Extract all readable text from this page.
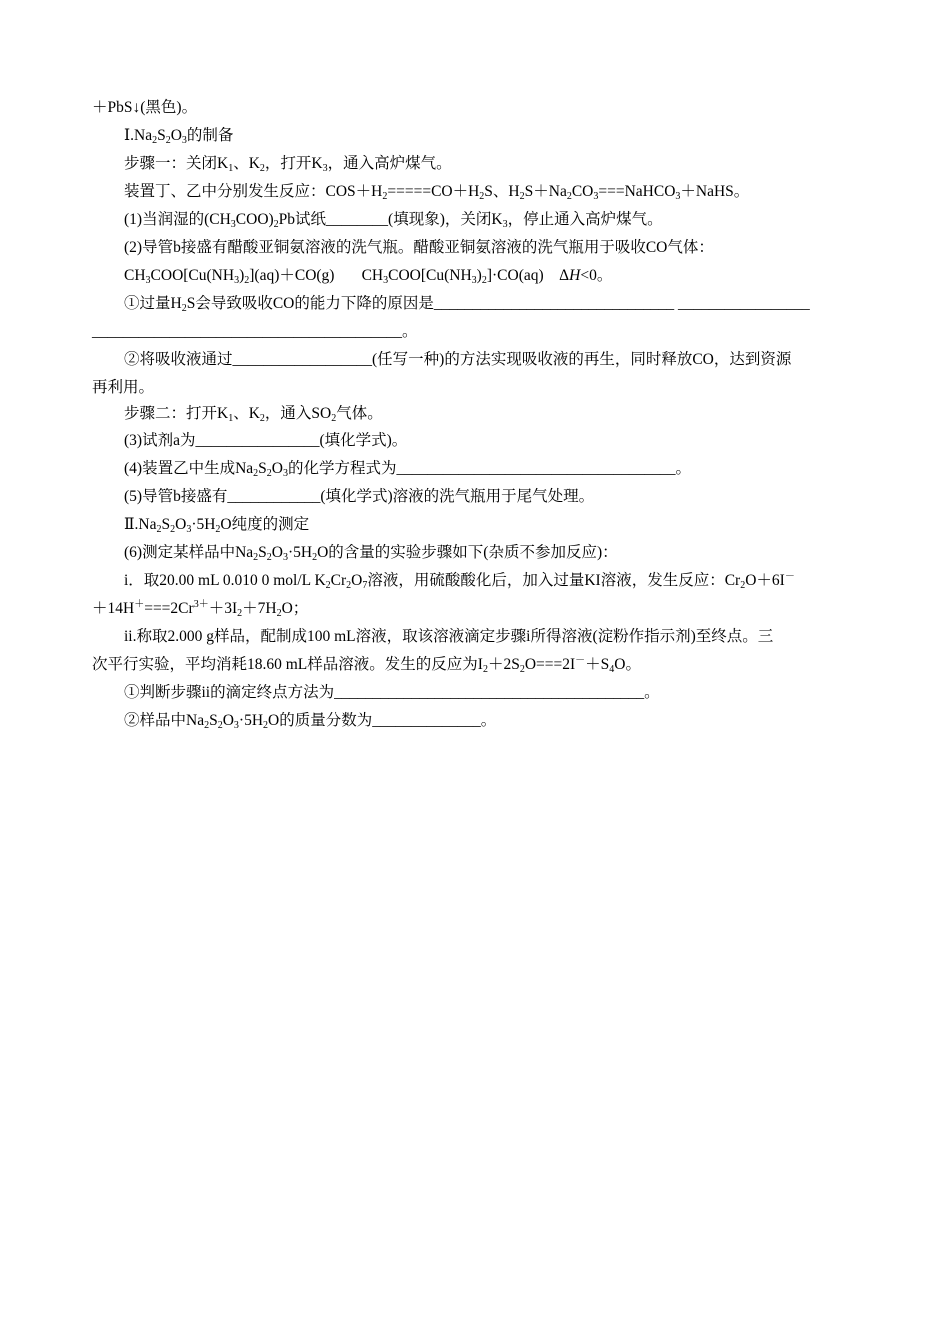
＋PbS↓(黑色)。
$Ⅰ.Na_2S_2O_3$的制备
步骤一：关闭$K_1$、$K_2$，打开$K_3$，通入高炉煤气。
装置丁、乙中分别发生反应：$COS+H_2=====CO+H_2S$、$H_2S+Na_2CO_3===NaHCO_3+NaHS$。
(1)当润湿的$(CH_3COO)_2Pb$试纸________(填现象)，关闭$K_3$，停止通入高炉煤气。
(2)导管b接盛有醋酸亚铜氨溶液的洗气瓶。醋酸亚铜氨溶液的洗气瓶用于吸收CO气体：
$CH_3COO[Cu(NH_3)_2](aq)+CO(g)$       $CH_3COO[Cu(NH_3)_2]\cdot CO(aq)$    ΔH<0。
①过量$H_2S$会导致吸收CO的能力下降的原因是_______________________________ _________________
________________________________________。
②将吸收液通过__________________(任写一种)的方法实现吸收液的再生，同时释放CO，达到资源
再利用。
步骤二：打开$K_1$、$K_2$，通入$SO_2$气体。
(3)试剂a为________________(填化学式)。
(4)装置乙中生成$Na_2S_2O_3$的化学方程式为____________________________________。
(5)导管b接盛有____________(填化学式)溶液的洗气瓶用于尾气处理。
$Ⅱ.Na_2S_2O_3\cdot 5H_2O$纯度的测定
(6)测定某样品中$Na_2S_2O_3\cdot 5H_2O$的含量的实验步骤如下(杂质不参加反应)：
i．取20.00 mL 0.010 0 mol/L $K_2Cr_2O_7$溶液，用硫酸酸化后，加入过量KI溶液，发生反应：$Cr_2O+6I^-$
$+14H^+===2Cr^{3+}+3I_2+7H_2O$；
ii.称取2.000 g样品，配制成100 mL溶液，取该溶液滴定步骤i所得溶液(淀粉作指示剂)至终点。三
次平行实验，平均消耗18.60 mL样品溶液。发生的反应为$I_2+2S_2O===2I^-+S_4O$。
①判断步骤ii的滴定终点方法为________________________________________。
②样品中$Na_2S_2O_3\cdot 5H_2O$的质量分数为______________。
